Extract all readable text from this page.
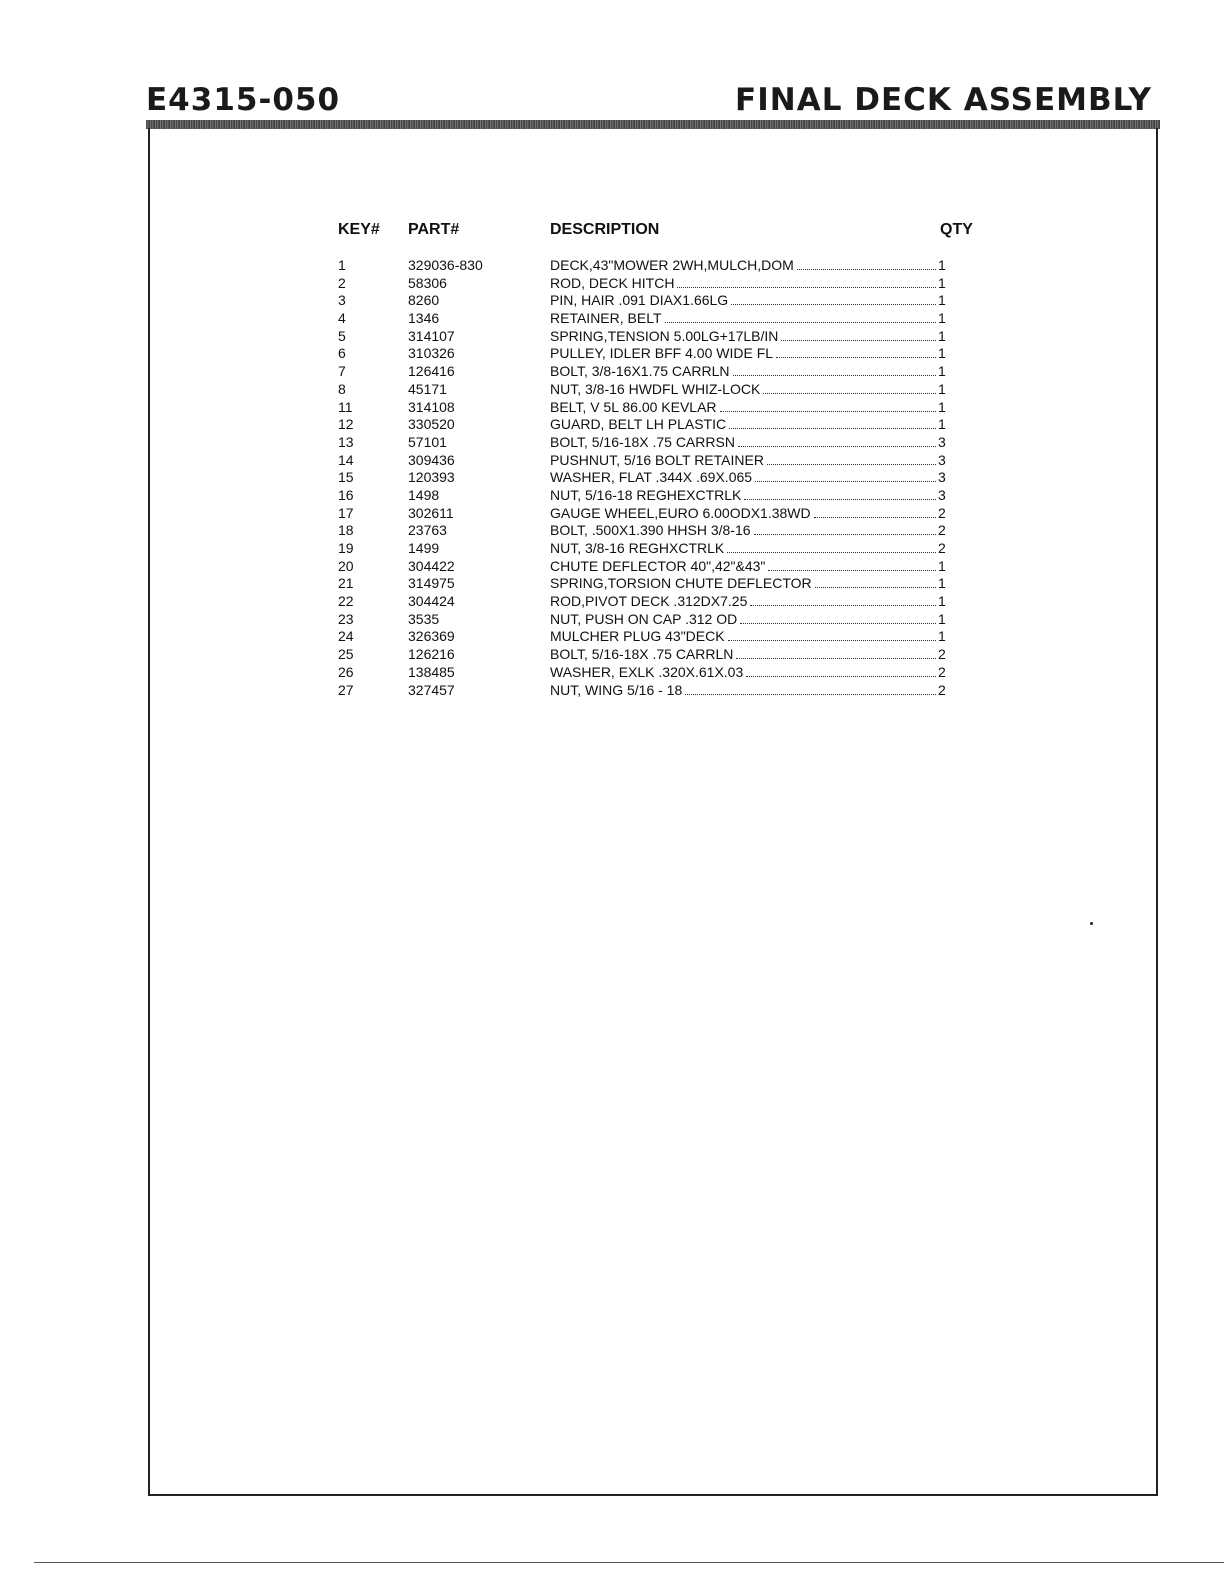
E4315-050	FINAL DECK ASSEMBLY
KEY#	PART#	DESCRIPTION	QTY
1	329036-830	DECK,43"MOWER 2WH,MULCH,DOM	1
2	58306	ROD, DECK HITCH	1
3	8260	PIN, HAIR .091 DIAX1.66LG	1
4	1346	RETAINER, BELT	1
5	314107	SPRING,TENSION 5.00LG+17LB/IN	1
6	310326	PULLEY, IDLER BFF 4.00 WIDE FL	1
7	126416	BOLT, 3/8-16X1.75 CARRLN	1
8	45171	NUT, 3/8-16 HWDFL WHIZ-LOCK	1
11	314108	BELT, V 5L 86.00 KEVLAR	1
12	330520	GUARD, BELT LH PLASTIC	1
13	57101	BOLT, 5/16-18X .75 CARRSN	3
14	309436	PUSHNUT, 5/16 BOLT RETAINER	3
15	120393	WASHER, FLAT .344X .69X.065	3
16	1498	NUT, 5/16-18 REGHEXCTRLK	3
17	302611	GAUGE WHEEL,EURO 6.00ODX1.38WD	2
18	23763	BOLT, .500X1.390 HHSH 3/8-16	2
19	1499	NUT, 3/8-16 REGHXCTRLK	2
20	304422	CHUTE DEFLECTOR 40",42"&43"	1
21	314975	SPRING,TORSION CHUTE DEFLECTOR	1
22	304424	ROD,PIVOT DECK .312DX7.25	1
23	3535	NUT, PUSH ON CAP .312 OD	1
24	326369	MULCHER PLUG 43"DECK	1
25	126216	BOLT, 5/16-18X .75 CARRLN	2
26	138485	WASHER, EXLK .320X.61X.03	2
27	327457	NUT, WING 5/16 - 18	2
